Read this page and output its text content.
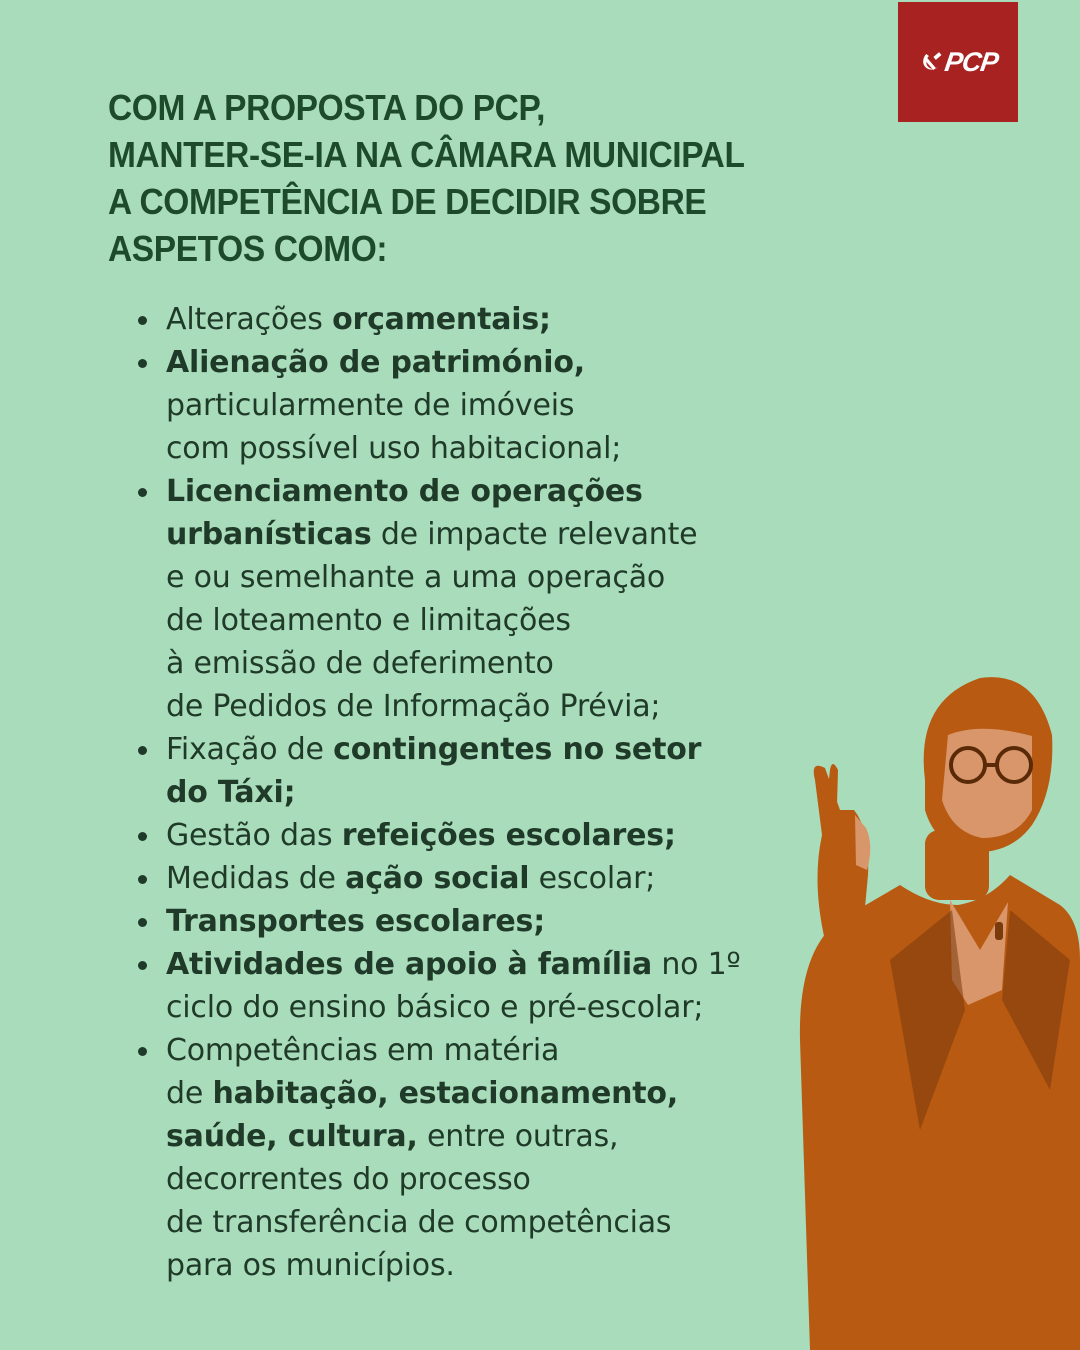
PCP
COM A PROPOSTA DO PCP,
MANTER-SE-IA NA CÂMARA MUNICIPAL
A COMPETÊNCIA DE DECIDIR SOBRE
ASPETOS COMO:
Alterações orçamentais;
Alienação de património,
particularmente de imóveis
com possível uso habitacional;
Licenciamento de operações
urbanísticas de impacte relevante
e ou semelhante a uma operação
de loteamento e limitações
à emissão de deferimento
de Pedidos de Informação Prévia;
Fixação de contingentes no setor
do Táxi;
Gestão das refeições escolares;
Medidas de ação social escolar;
Transportes escolares;
Atividades de apoio à família no 1º
ciclo do ensino básico e pré-escolar;
Competências em matéria
de habitação, estacionamento,
saúde, cultura, entre outras,
decorrentes do processo
de transferência de competências
para os municípios.
